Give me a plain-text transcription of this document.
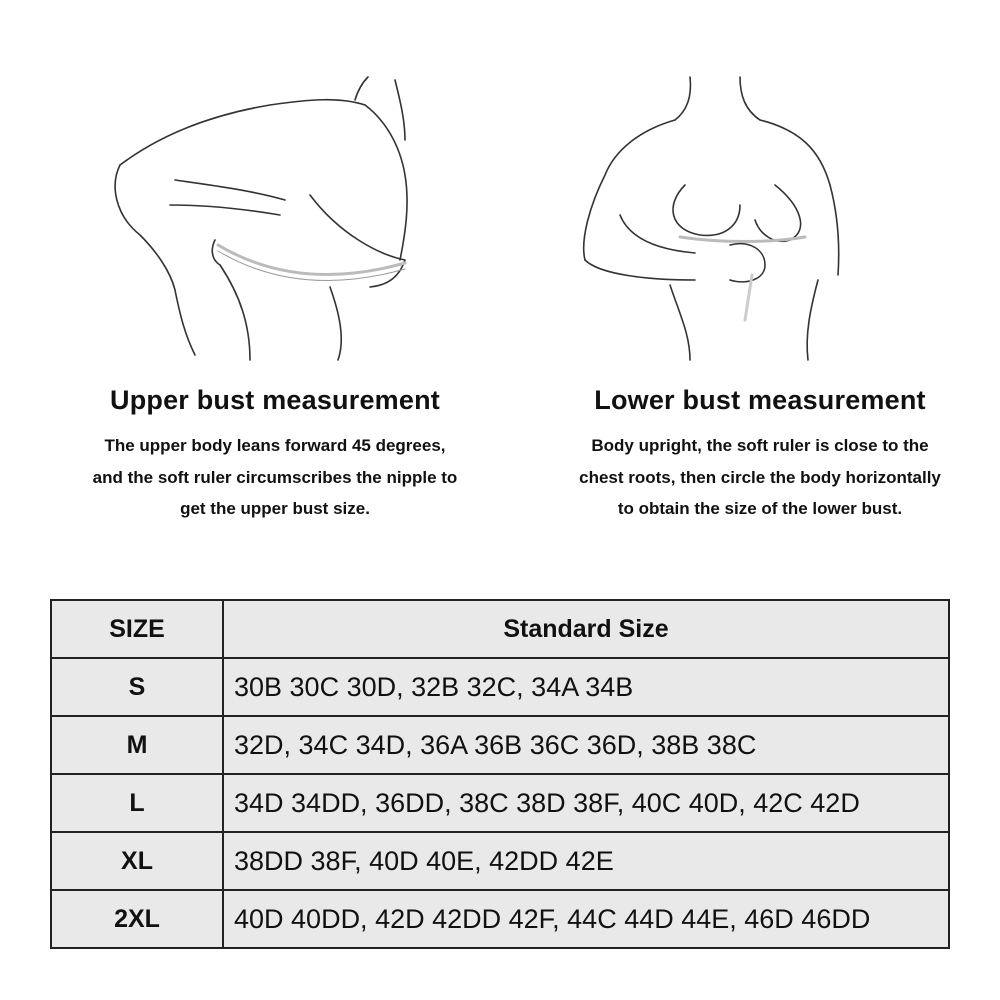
Upper bust measurement

The upper body leans forward 45 degrees,
and the soft ruler circumscribes the nipple to
get the upper bust size.

Lower bust measurement

Body upright, the soft ruler is close to the
chest roots, then circle the body horizontally
to obtain the size of the lower bust.

SIZE	Standard Size
S	30B 30C 30D, 32B 32C, 34A 34B
M	32D, 34C 34D, 36A 36B 36C 36D, 38B 38C
L	34D 34DD, 36DD, 38C 38D 38F, 40C 40D, 42C 42D
XL	38DD 38F, 40D 40E, 42DD 42E
2XL	40D 40DD, 42D 42DD 42F, 44C 44D 44E, 46D 46DD
